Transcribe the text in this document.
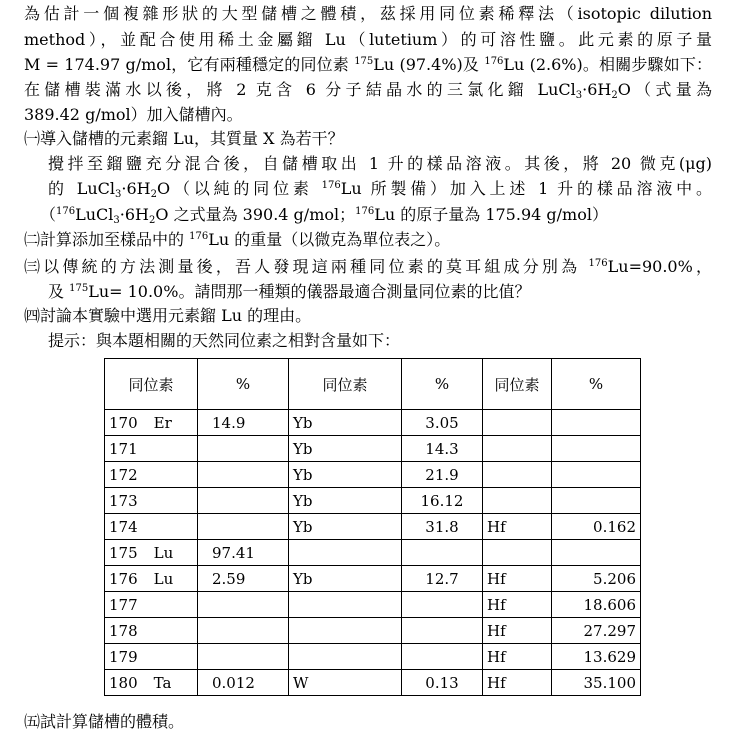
為估計一個複雜形狀的大型儲槽之體積，茲採用同位素稀釋法（isotopic dilution
method），並配合使用稀土金屬鎦 Lu（lutetium）的可溶性鹽。此元素的原子量
M = 174.97 g/mol，它有兩種穩定的同位素 $^{175}$Lu (97.4%)及 $^{176}$Lu (2.6%)。相關步驟如下：
在儲槽裝滿水以後，將 2 克含 6 分子結晶水的三氯化鎦 $LuCl_3\cdot 6H_2O$（式量為
389.42 g/mol）加入儲槽內。
㈠導入儲槽的元素鎦 Lu，其質量 X 為若干？
攪拌至鎦鹽充分混合後，自儲槽取出 1 升的樣品溶液。其後，將 20 微克(μg)
的 $LuCl_3\cdot 6H_2O$（以純的同位素 $^{176}$Lu 所製備）加入上述 1 升的樣品溶液中。
（$^{176}LuCl_3\cdot 6H_2O$ 之式量為 390.4 g/mol；$^{176}$Lu 的原子量為 175.94 g/mol）
㈡計算添加至樣品中的 $^{176}$Lu 的重量（以微克為單位表之）。
㈢以傳統的方法測量後，吾人發現這兩種同位素的莫耳組成分別為 $^{176}$Lu=90.0%，
及 $^{175}$Lu= 10.0%。請問那一種類的儀器最適合測量同位素的比值？
㈣討論本實驗中選用元素鎦 Lu 的理由。
提示：與本題相關的天然同位素之相對含量如下：
同位素	%	同位素	%	同位素	%
170 Er	14.9	Yb	3.05		
171		Yb	14.3		
172		Yb	21.9		
173		Yb	16.12		
174		Yb	31.8	Hf	0.162
175 Lu	97.41				
176 Lu	2.59	Yb	12.7	Hf	5.206
177				Hf	18.606
178				Hf	27.297
179				Hf	13.629
180 Ta	0.012	W	0.13	Hf	35.100
㈤試計算儲槽的體積。
